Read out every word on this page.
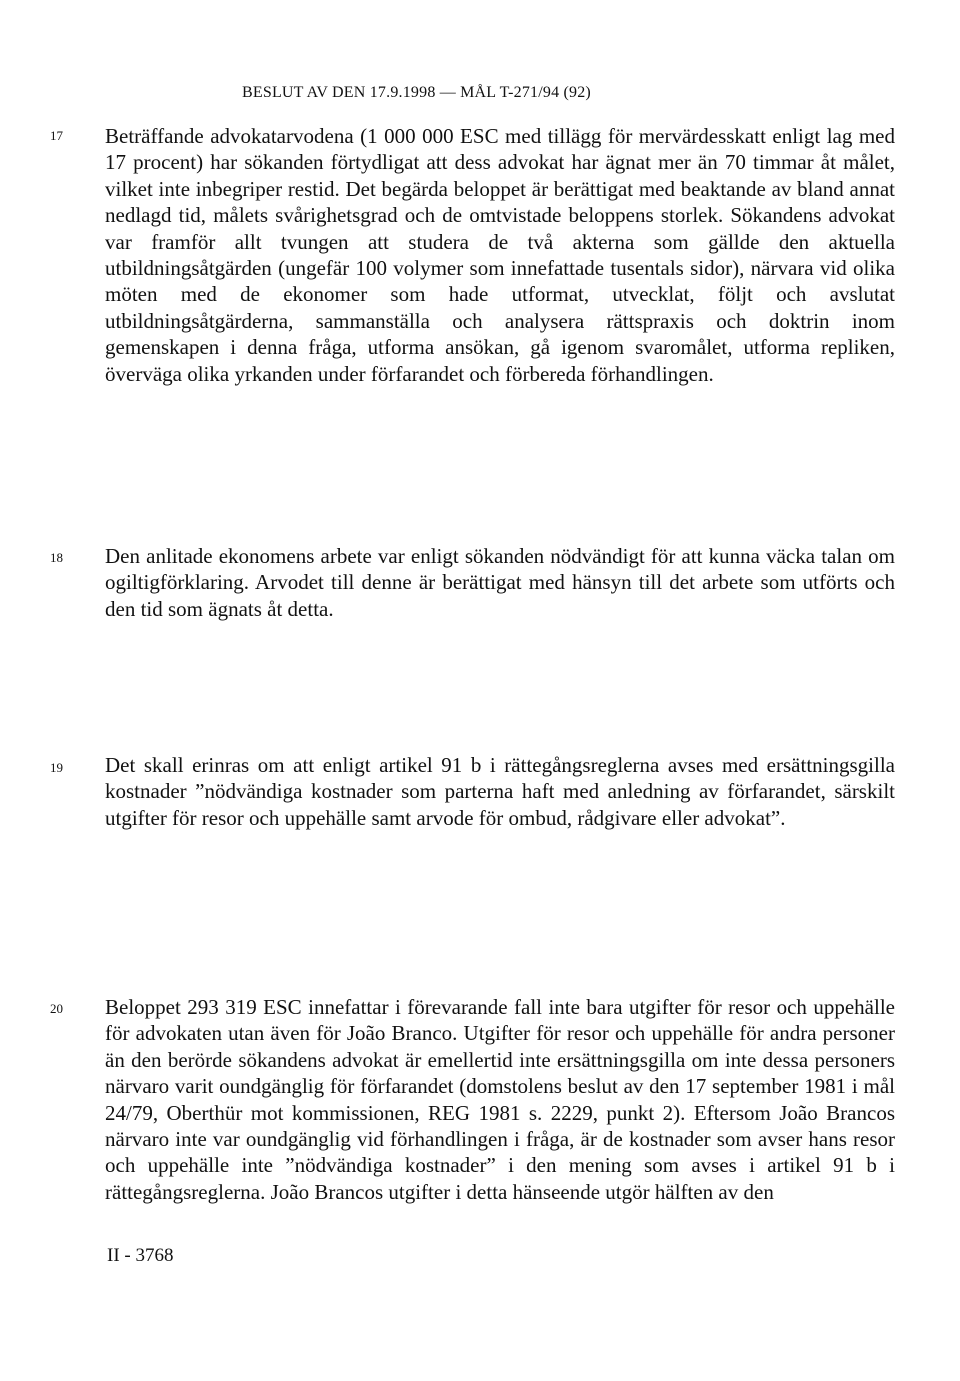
BESLUT AV DEN 17.9.1998 — MÅL T-271/94 (92)
17 Beträffande advokatarvodena (1 000 000 ESC med tillägg för mervärdesskatt enligt lag med 17 procent) har sökanden förtydligat att dess advokat har ägnat mer än 70 timmar åt målet, vilket inte inbegriper restid. Det begärda beloppet är berättigat med beaktande av bland annat nedlagd tid, målets svårighetsgrad och de omtvistade beloppens storlek. Sökandens advokat var framför allt tvungen att studera de två akterna som gällde den aktuella utbildningsåtgärden (ungefär 100 volymer som innefattade tusentals sidor), närvara vid olika möten med de ekonomer som hade utformat, utvecklat, följt och avslutat utbildningsåtgärderna, sammanställa och analysera rättspraxis och doktrin inom gemenskapen i denna fråga, utforma ansökan, gå igenom svaromålet, utforma repliken, överväga olika yrkanden under förfarandet och förbereda förhandlingen.
18 Den anlitade ekonomens arbete var enligt sökanden nödvändigt för att kunna väcka talan om ogiltigförklaring. Arvodet till denne är berättigat med hänsyn till det arbete som utförts och den tid som ägnats åt detta.
19 Det skall erinras om att enligt artikel 91 b i rättegångsreglerna avses med ersättningsgilla kostnader ”nödvändiga kostnader som parterna haft med anledning av förfarandet, särskilt utgifter för resor och uppehälle samt arvode för ombud, rådgivare eller advokat”.
20 Beloppet 293 319 ESC innefattar i förevarande fall inte bara utgifter för resor och uppehälle för advokaten utan även för João Branco. Utgifter för resor och uppehälle för andra personer än den berörde sökandens advokat är emellertid inte ersättningsgilla om inte dessa personers närvaro varit oundgänglig för förfarandet (domstolens beslut av den 17 september 1981 i mål 24/79, Oberthür mot kommissionen, REG 1981 s. 2229, punkt 2). Eftersom João Brancos närvaro inte var oundgänglig vid förhandlingen i fråga, är de kostnader som avser hans resor och uppehälle inte ”nödvändiga kostnader” i den mening som avses i artikel 91 b i rättegångsreglerna. João Brancos utgifter i detta hänseende utgör hälften av den
II - 3768
